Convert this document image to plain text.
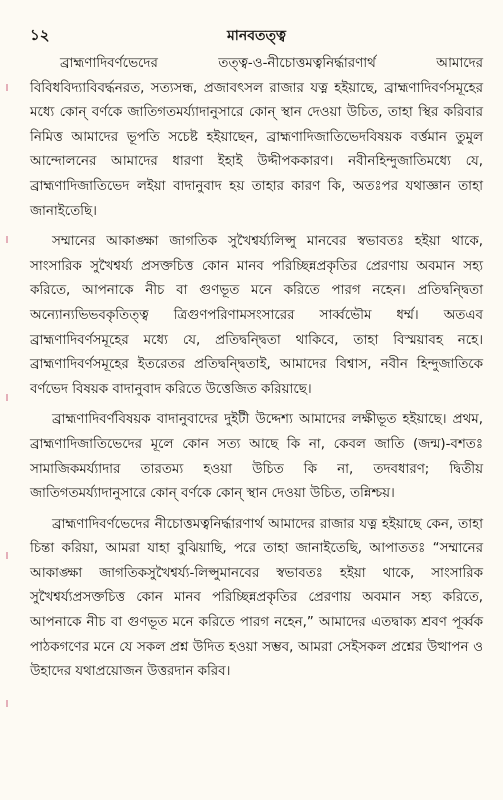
১২	মানবতত্ত্ব

ব্রাহ্মণাদিবর্ণভেদের তত্ত্ব-ও-নীচোত্তমত্বনির্দ্ধারণার্থ আমাদের বিবিধবিদ্যাবিবর্দ্ধনরত, সত্যসন্ধ, প্রজাবৎসল রাজার যত্ন হইয়াছে, ব্রাহ্মণাদিবর্ণসমূহের মধ্যে কোন্ বর্ণকে জাতিগতমর্য্যাদানুসারে কোন্ স্থান দেওয়া উচিত, তাহা স্থির করিবার নিমিত্ত আমাদের ভূপতি সচেষ্ট হইয়াছেন, ব্রাহ্মণাদিজাতিভেদবিষয়ক বর্ত্তমান তুমুল আন্দোলনের আমাদের ধারণা ইহাই উদ্দীপককারণ। নবীনহিন্দুজাতিমধ্যে যে, ব্রাহ্মণাদিজাতিভেদ লইয়া বাদানুবাদ হয় তাহার কারণ কি, অতঃপর যথাজ্ঞান তাহা জানাইতেছি।

সম্মানের আকাঙ্ক্ষা জাগতিক সুখৈশ্বর্য্যলিপ্সু মানবের স্বভাবতঃ হইয়া থাকে, সাংসারিক সুখৈশ্বর্য্য প্রসক্তচিত্ত কোন মানব পরিচ্ছিন্নপ্রকৃতির প্রেরণায় অবমান সহ্য করিতে, আপনাকে নীচ বা গুণভূত মনে করিতে পারগ নহেন। প্রতিদ্বন্দ্বিতা অন্যোন্যভিভবকৃতিত্ত্ব ত্রিগুণপরিণামসংসারের সার্ব্বভৌম ধর্ম্ম। অতএব ব্রাহ্মণাদিবর্ণসমূহের মধ্যে যে, প্রতিদ্বন্দ্বিতা থাকিবে, তাহা বিস্ময়াবহ নহে। ব্রাহ্মণাদিবর্ণসমূহের ইতরেতর প্রতিদ্বন্দ্বিতাই, আমাদের বিশ্বাস, নবীন হিন্দুজাতিকে বর্ণভেদ বিষয়ক বাদানুবাদ করিতে উত্তেজিত করিয়াছে।

ব্রাহ্মণাদিবর্ণবিষয়ক বাদানুবাদের দুইটী উদ্দেশ্য আমাদের লক্ষীভূত হইয়াছে। প্রথম, ব্রাহ্মণাদিজাতিভেদের মূলে কোন সত্য আছে কি না, কেবল জাতি (জন্ম)-বশতঃ সামাজিকমর্য্যাদার তারতম্য হওয়া উচিত কি না, তদবধারণ; দ্বিতীয় জাতিগতমর্য্যাদানুসারে কোন্ বর্ণকে কোন্ স্থান দেওয়া উচিত, তন্নিশ্চয়।

ব্রাহ্মণাদিবর্ণভেদের নীচোত্তমত্বনির্দ্ধারণার্থ আমাদের রাজার যত্ন হইয়াছে কেন, তাহা চিন্তা করিয়া, আমরা যাহা বুঝিয়াছি, পরে তাহা জানাইতেছি, আপাততঃ “সম্মানের আকাঙ্ক্ষা জাগতিকসুখৈশ্বর্য্য-লিপ্সুমানবের স্বভাবতঃ হইয়া থাকে, সাংসারিক সুখৈশ্বর্য্যপ্রসক্তচিত্ত কোন মানব পরিচ্ছিন্নপ্রকৃতির প্রেরণায় অবমান সহ্য করিতে, আপনাকে নীচ বা গুণভূত মনে করিতে পারগ নহেন,” আমাদের এতদ্বাক্য শ্রবণ পূর্ব্বক পাঠকগণের মনে যে সকল প্রশ্ন উদিত হওয়া সম্ভব, আমরা সেইসকল প্রশ্নের উত্থাপন ও উহাদের যথাপ্রয়োজন উত্তরদান করিব।
